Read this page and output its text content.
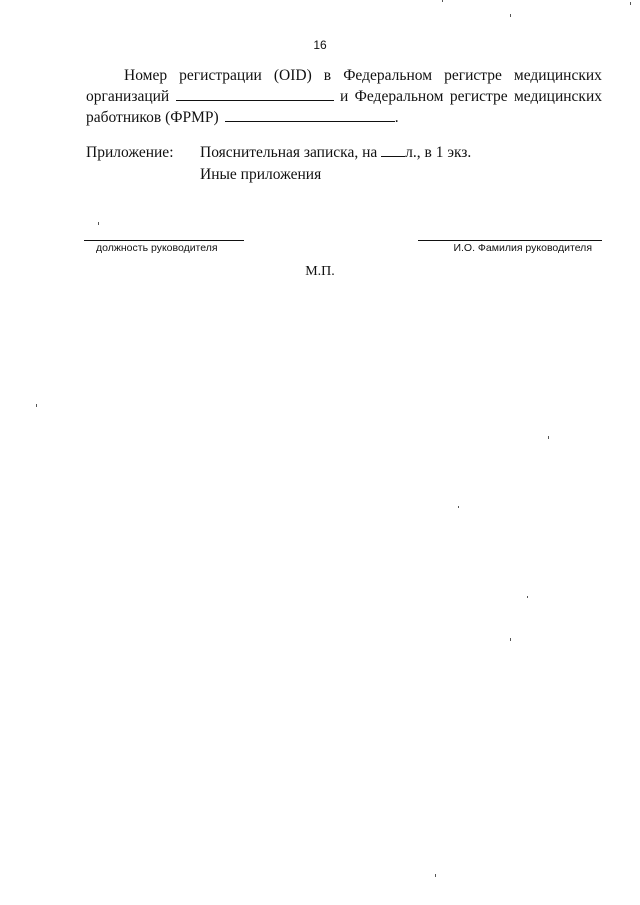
16
Номер регистрации (OID) в Федеральном регистре медицинских
организаций	и Федеральном регистре медицинских
работников (ФРМР)	.
Приложение:	Пояснительная записка, на л., в 1 экз.
Иные приложения
должность руководителя	И.О. Фамилия руководителя
М.П.
